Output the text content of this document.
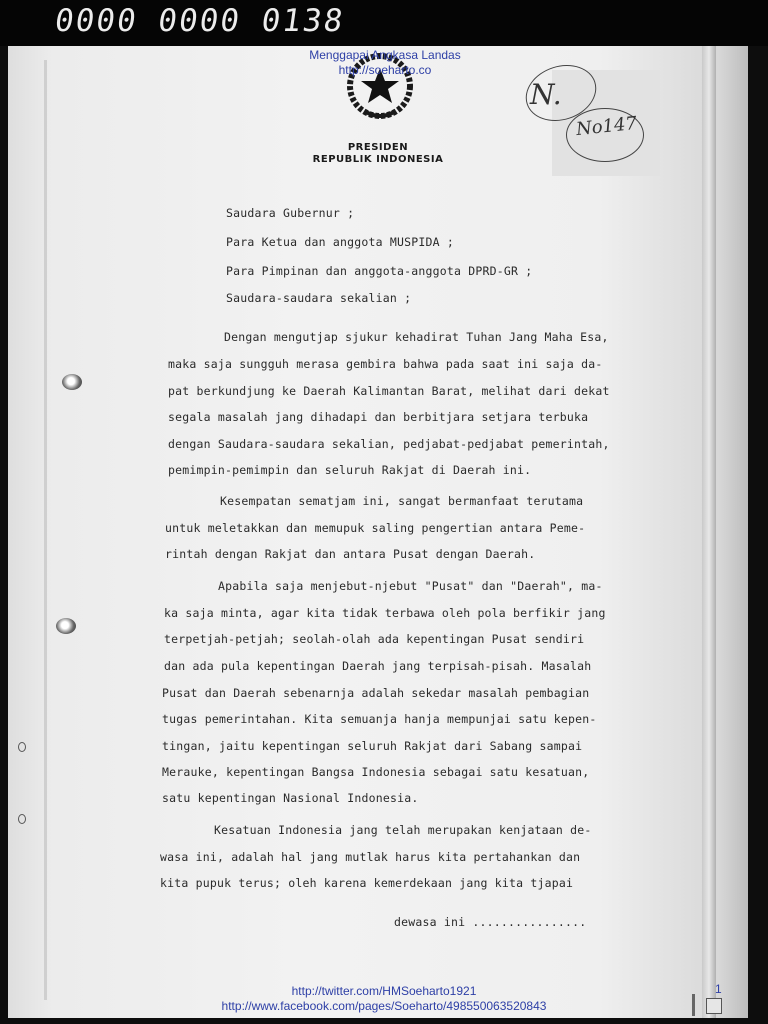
0000 0000 0138
Menggapai Angkasa Landas
http://soeharto.co
PRESIDEN
REPUBLIK INDONESIA
N.
No147

Saudara Gubernur ;

Para Ketua dan anggota MUSPIDA ;

Para Pimpinan dan anggota-anggota DPRD-GR ;

Saudara-saudara sekalian ;

Dengan mengutjap sjukur kehadirat Tuhan Jang Maha Esa,

maka saja sungguh merasa gembira bahwa pada saat ini saja da-

pat berkundjung ke Daerah Kalimantan Barat, melihat dari dekat

segala masalah jang dihadapi dan berbitjara setjara terbuka

dengan Saudara-saudara sekalian, pedjabat-pedjabat pemerintah,

pemimpin-pemimpin dan seluruh Rakjat di Daerah ini.

Kesempatan sematjam ini, sangat bermanfaat terutama

untuk meletakkan dan memupuk saling pengertian antara Peme-

rintah dengan Rakjat dan antara Pusat dengan Daerah.

Apabila saja menjebut-njebut "Pusat" dan "Daerah", ma-

ka saja minta, agar kita tidak terbawa oleh pola berfikir jang

terpetjah-petjah; seolah-olah ada kepentingan Pusat sendiri

dan ada pula kepentingan Daerah jang terpisah-pisah. Masalah

Pusat dan Daerah sebenarnja adalah sekedar masalah pembagian

tugas pemerintahan. Kita semuanja hanja mempunjai satu kepen-

tingan, jaitu kepentingan seluruh Rakjat dari Sabang sampai

Merauke, kepentingan Bangsa Indonesia sebagai satu kesatuan,

satu kepentingan Nasional Indonesia.

Kesatuan Indonesia jang telah merupakan kenjataan de-

wasa ini, adalah hal jang mutlak harus kita pertahankan dan

kita pupuk terus; oleh karena kemerdekaan jang kita tjapai

dewasa ini ................

http://twitter.com/HMSoeharto1921
http://www.facebook.com/pages/Soeharto/498550063520843
1
